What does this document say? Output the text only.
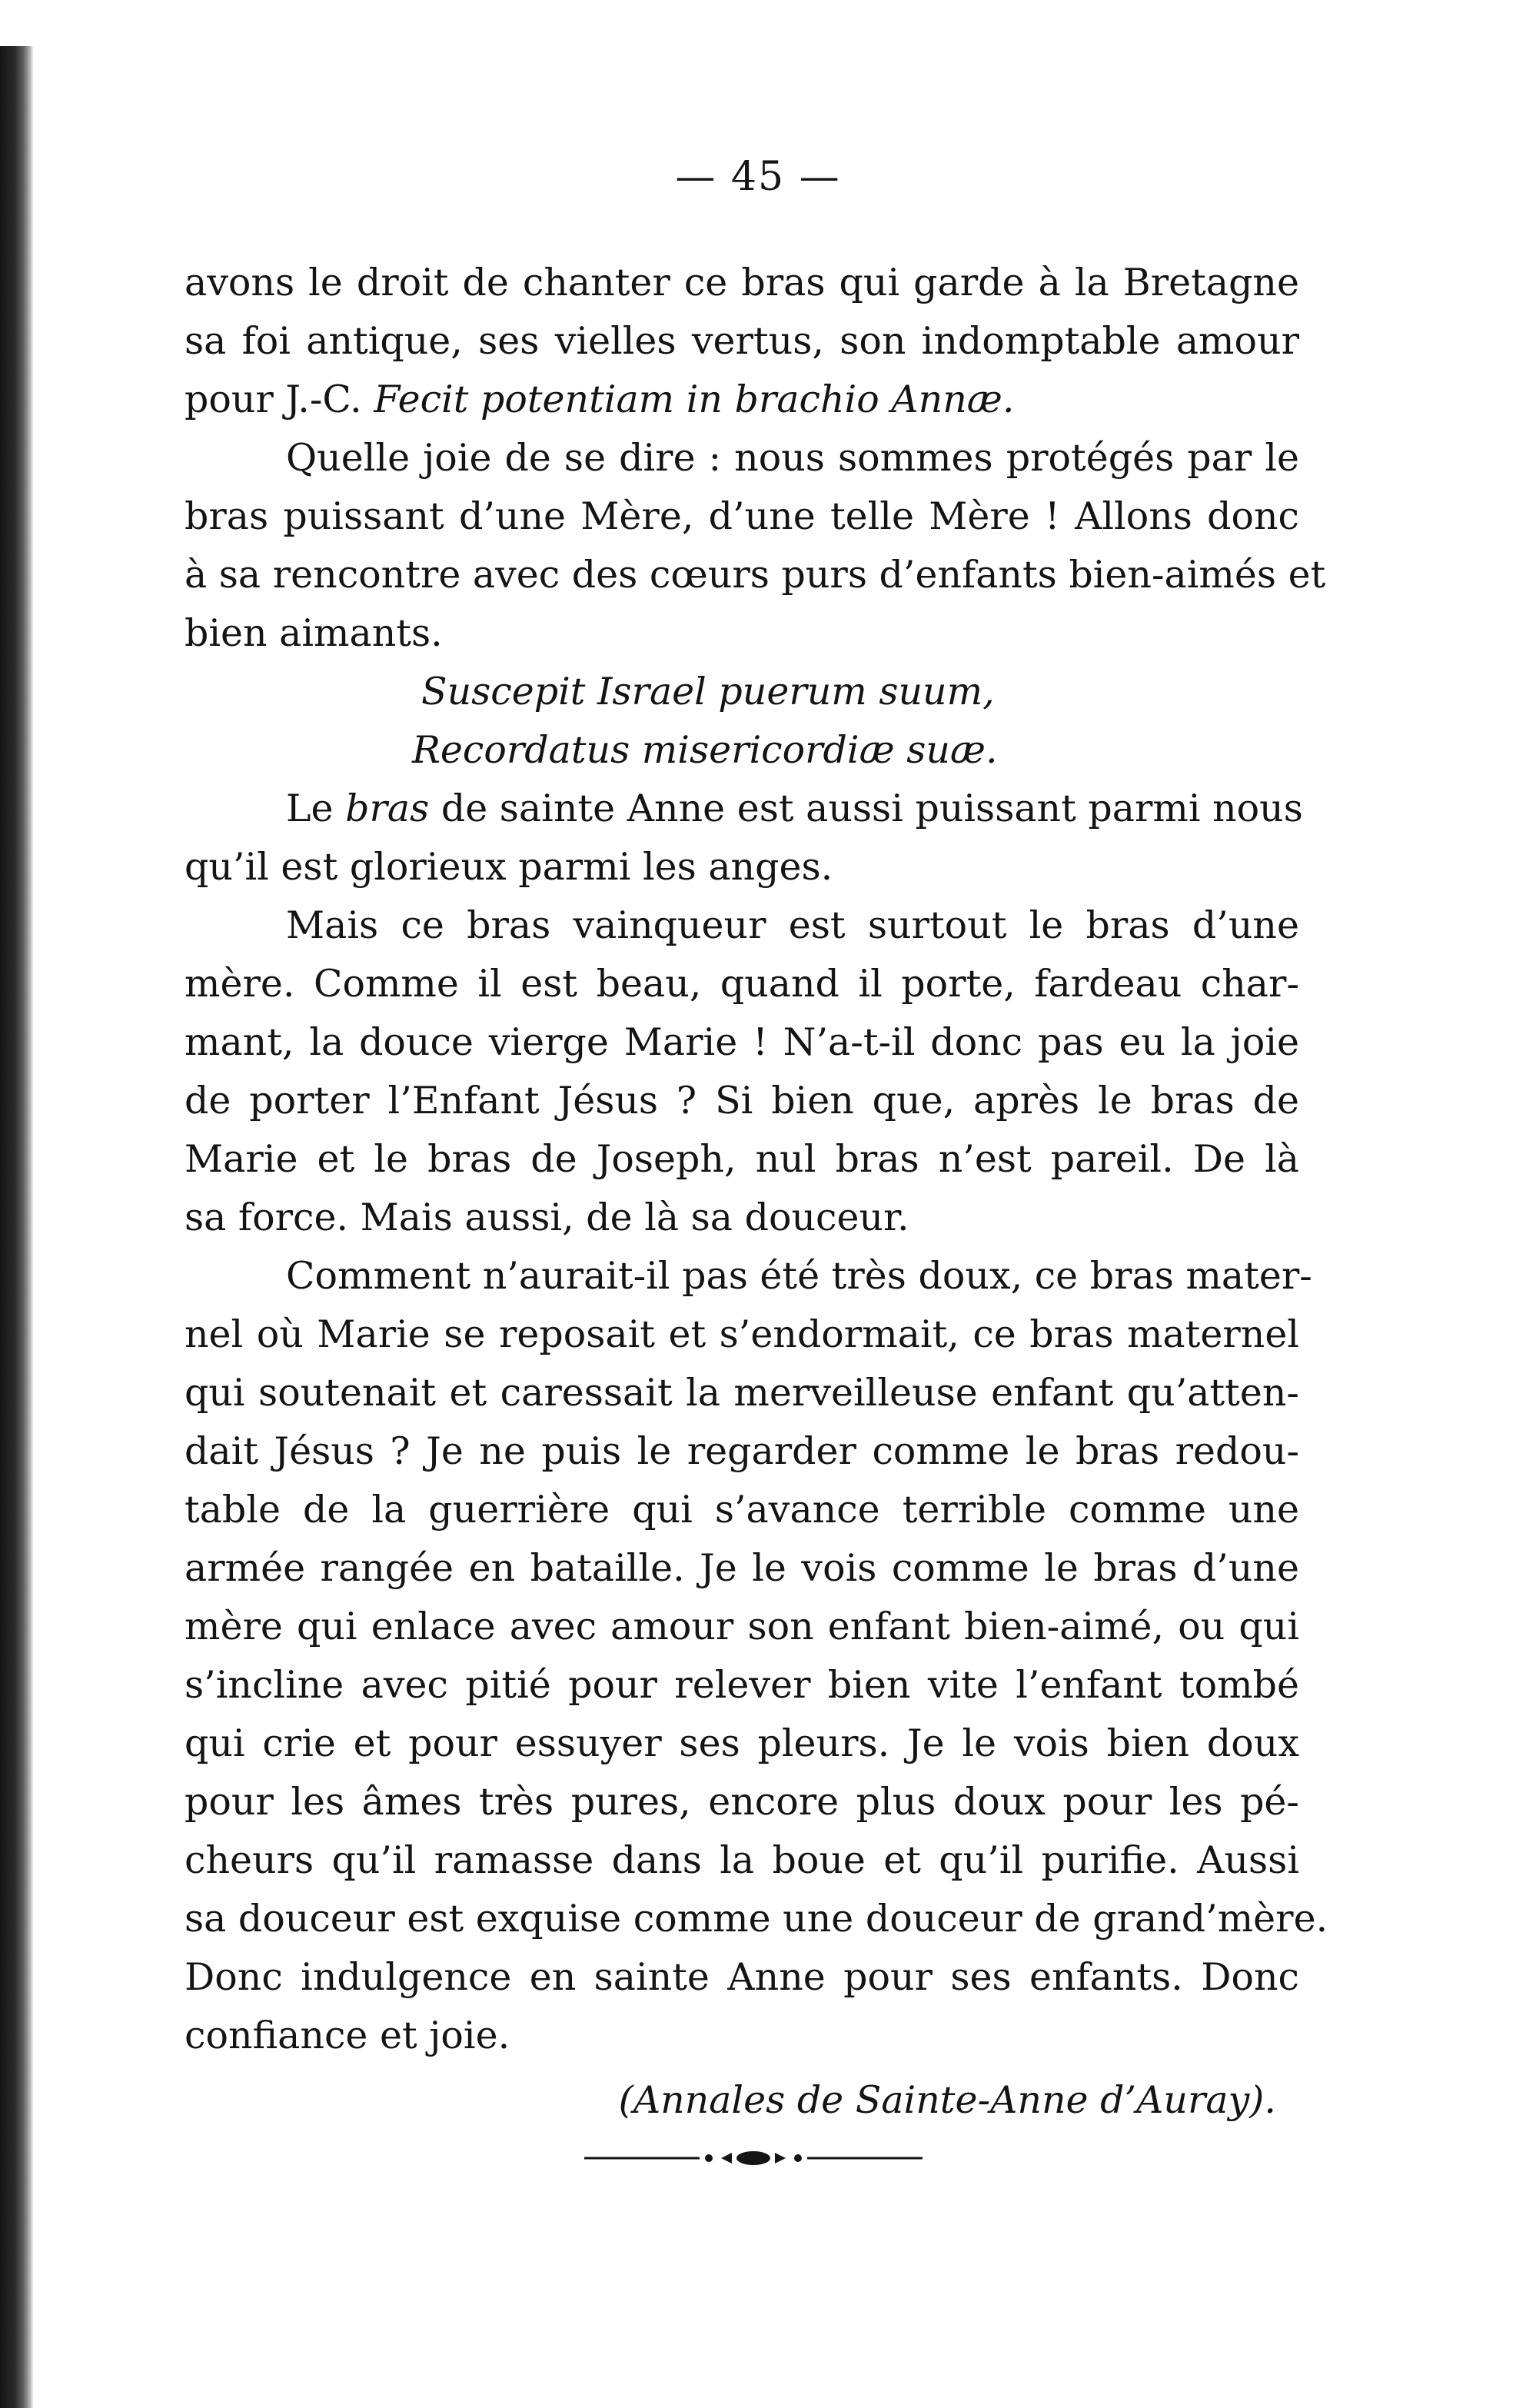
— 45 —
avons le droit de chanter ce bras qui garde à la Bretagne
sa foi antique, ses vielles vertus, son indomptable amour
pour J.-C. Fecit potentiam in brachio Annæ.
Quelle joie de se dire : nous sommes protégés par le
bras puissant d’une Mère, d’une telle Mère ! Allons donc
à sa rencontre avec des cœurs purs d’enfants bien-aimés et
bien aimants.
Suscepit Israel puerum suum,
Recordatus misericordiæ suæ.
Le bras de sainte Anne est aussi puissant parmi nous
qu’il est glorieux parmi les anges.
Mais ce bras vainqueur est surtout le bras d’une
mère. Comme il est beau, quand il porte, fardeau char-
mant, la douce vierge Marie ! N’a-t-il donc pas eu la joie
de porter l’Enfant Jésus ? Si bien que, après le bras de
Marie et le bras de Joseph, nul bras n’est pareil. De là
sa force. Mais aussi, de là sa douceur.
Comment n’aurait-il pas été très doux, ce bras mater-
nel où Marie se reposait et s’endormait, ce bras maternel
qui soutenait et caressait la merveilleuse enfant qu’atten-
dait Jésus ? Je ne puis le regarder comme le bras redou-
table de la guerrière qui s’avance terrible comme une
armée rangée en bataille. Je le vois comme le bras d’une
mère qui enlace avec amour son enfant bien-aimé, ou qui
s’incline avec pitié pour relever bien vite l’enfant tombé
qui crie et pour essuyer ses pleurs. Je le vois bien doux
pour les âmes très pures, encore plus doux pour les pé-
cheurs qu’il ramasse dans la boue et qu’il purifie. Aussi
sa douceur est exquise comme une douceur de grand’mère.
Donc indulgence en sainte Anne pour ses enfants. Donc
confiance et joie.
(Annales de Sainte-Anne d’Auray).
